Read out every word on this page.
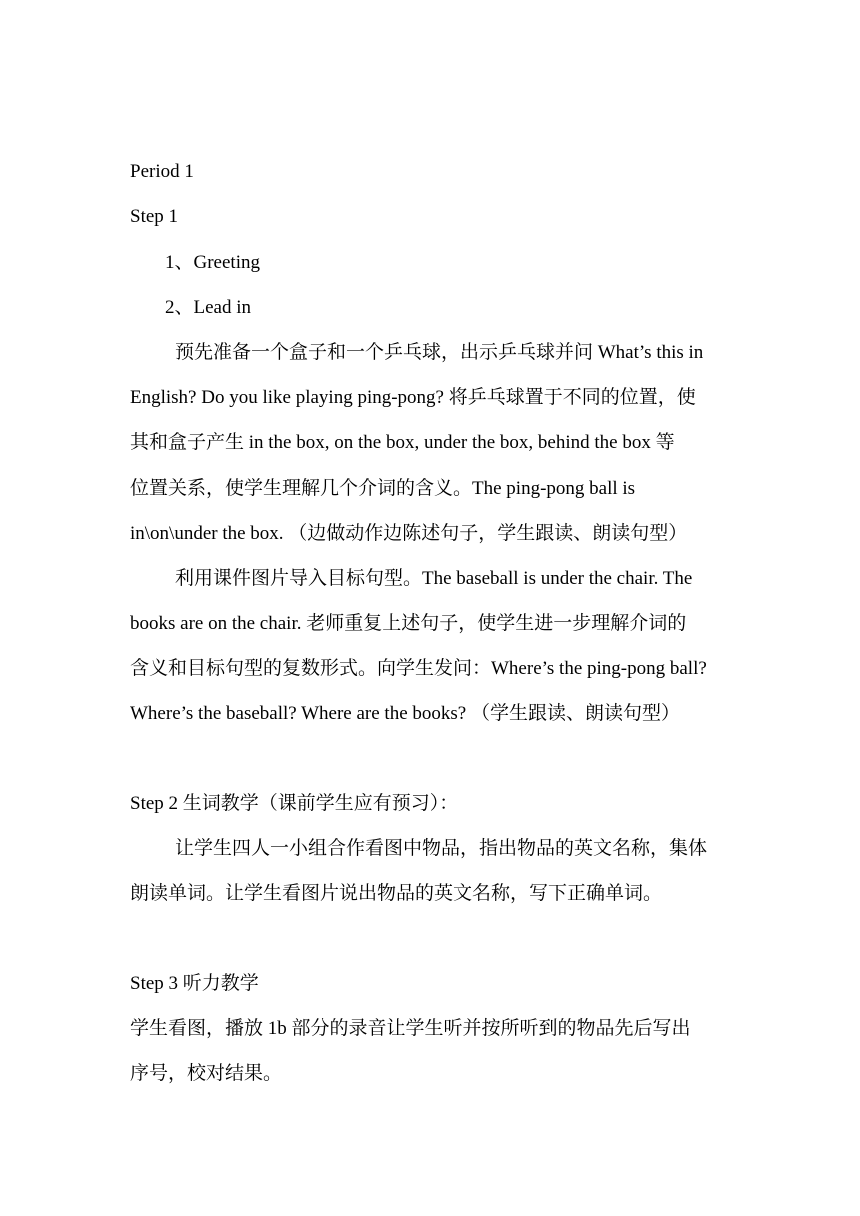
Period 1
Step 1
1、Greeting
2、Lead in
预先准备一个盒子和一个乒乓球，出示乒乓球并问 What’s this in
English? Do you like playing ping-pong? 将乒乓球置于不同的位置，使
其和盒子产生 in the box, on the box, under the box, behind the box 等
位置关系，使学生理解几个介词的含义。The ping-pong ball is
in\on\under the box. （边做动作边陈述句子，学生跟读、朗读句型）
利用课件图片导入目标句型。The baseball is under the chair. The
books are on the chair. 老师重复上述句子，使学生进一步理解介词的
含义和目标句型的复数形式。向学生发问：Where’s the ping-pong ball?
Where’s the baseball? Where are the books? （学生跟读、朗读句型）
Step 2 生词教学（课前学生应有预习）：
让学生四人一小组合作看图中物品，指出物品的英文名称，集体
朗读单词。让学生看图片说出物品的英文名称，写下正确单词。
Step 3 听力教学
学生看图，播放 1b 部分的录音让学生听并按所听到的物品先后写出
序号，校对结果。
